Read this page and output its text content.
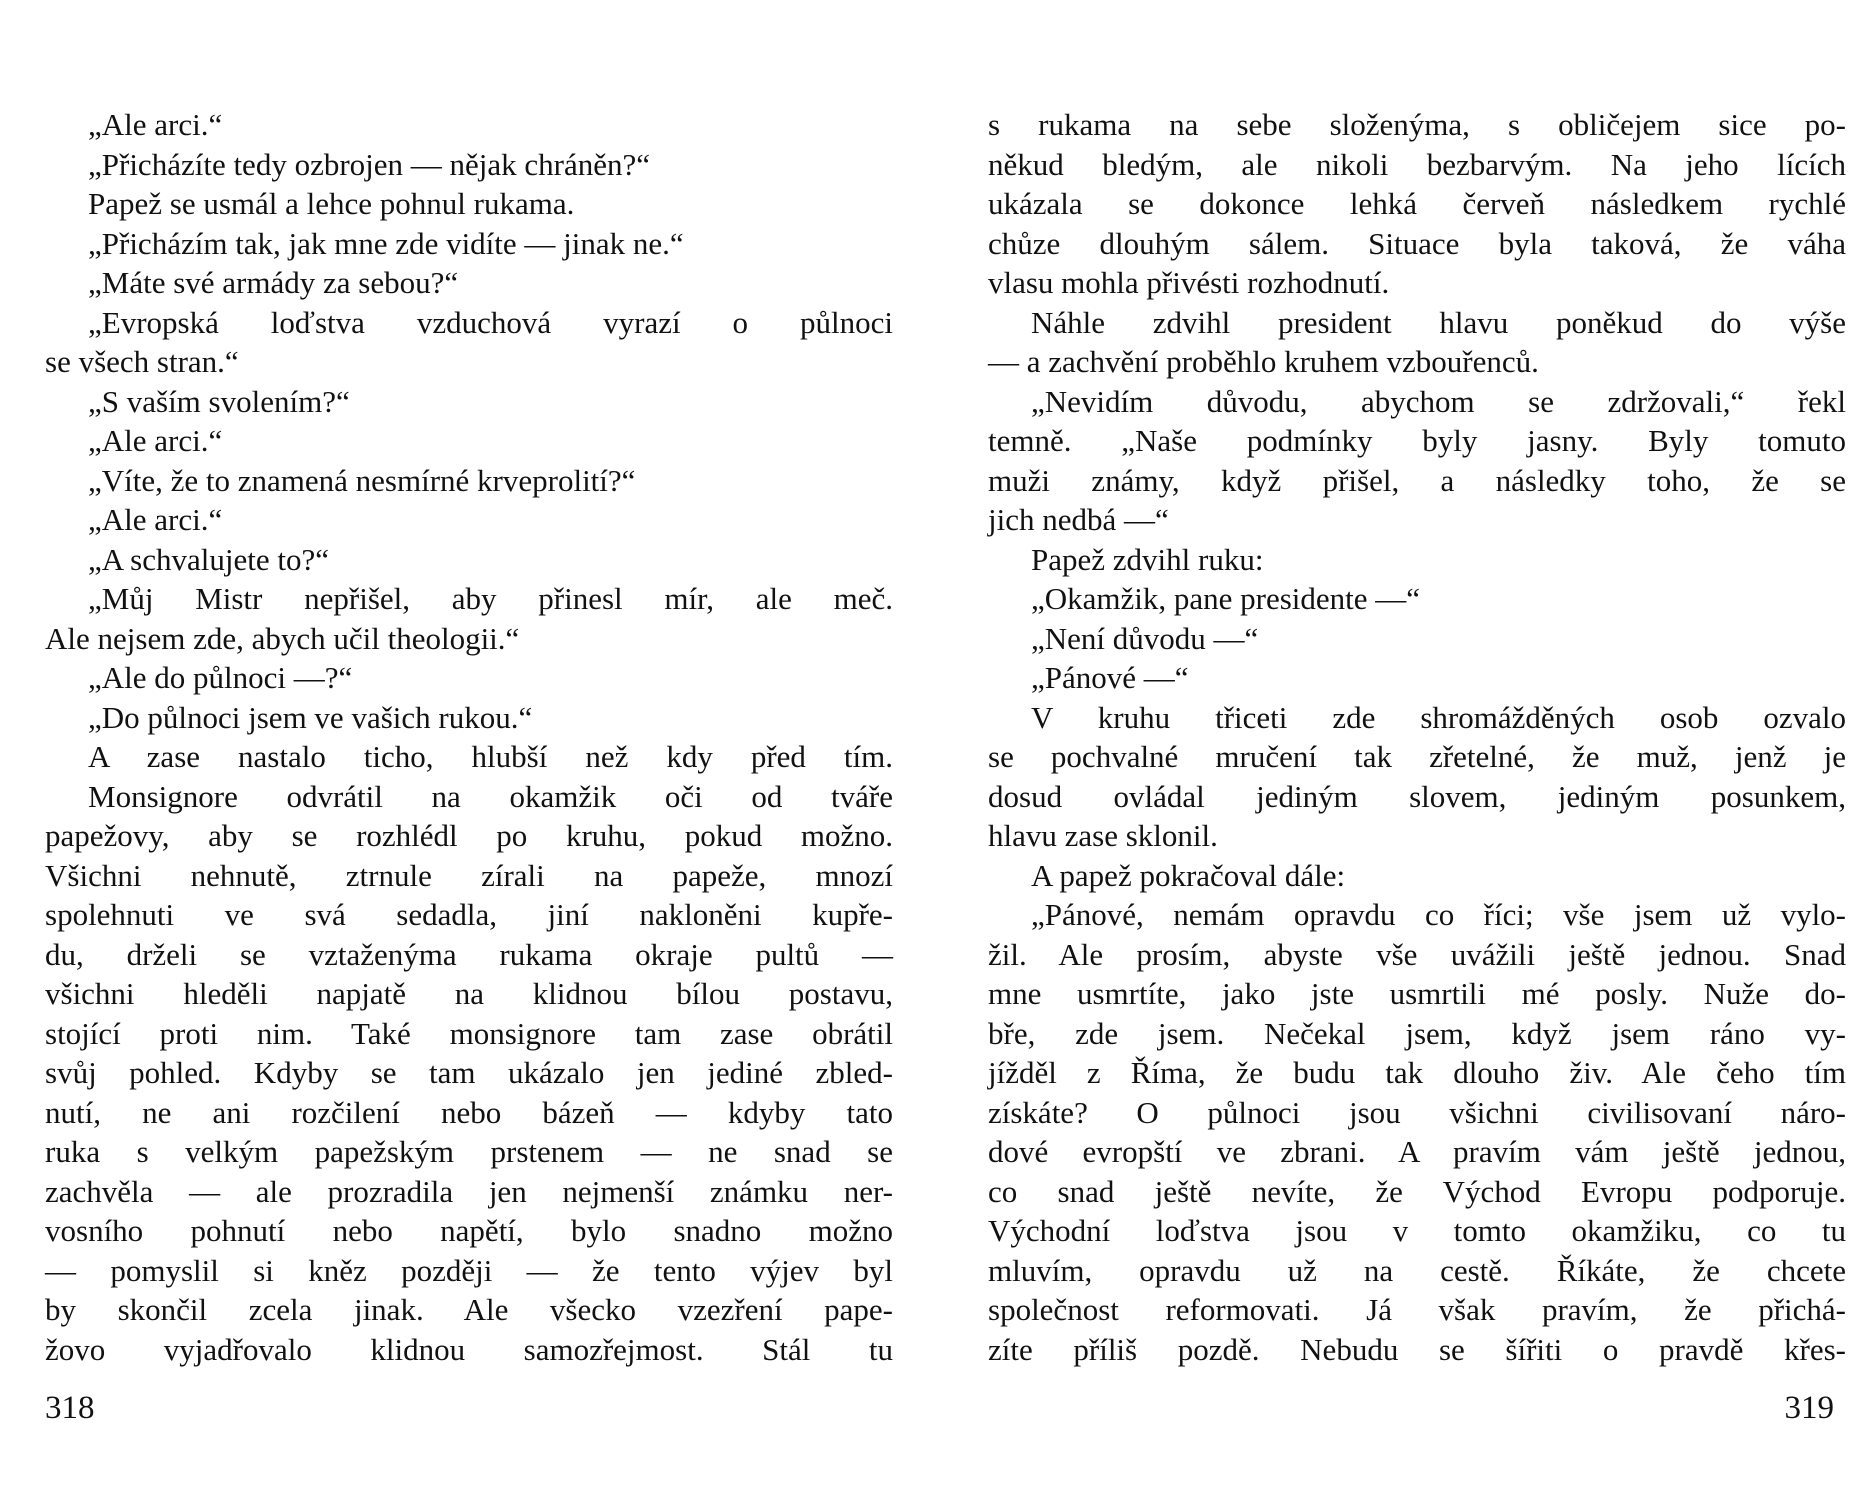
„Ale arci.“
„Přicházíte tedy ozbrojen — nějak chráněn?“
Papež se usmál a lehce pohnul rukama.
„Přicházím tak, jak mne zde vidíte — jinak ne.“
„Máte své armády za sebou?“
„Evropská loďstva vzduchová vyrazí o půlnoci
se všech stran.“
„S vaším svolením?“
„Ale arci.“
„Víte, že to znamená nesmírné krveprolití?“
„Ale arci.“
„A schvalujete to?“
„Můj Mistr nepřišel, aby přinesl mír, ale meč.
Ale nejsem zde, abych učil theologii.“
„Ale do půlnoci —?“
„Do půlnoci jsem ve vašich rukou.“
A zase nastalo ticho, hlubší než kdy před tím.
Monsignore odvrátil na okamžik oči od tváře
papežovy, aby se rozhlédl po kruhu, pokud možno.
Všichni nehnutě, ztrnule zírali na papeže, mnozí
spolehnuti ve svá sedadla, jiní nakloněni kupře-
du, drželi se vztaženýma rukama okraje pultů —
všichni hleděli napjatě na klidnou bílou postavu,
stojící proti nim. Také monsignore tam zase obrátil
svůj pohled. Kdyby se tam ukázalo jen jediné zbled-
nutí, ne ani rozčilení nebo bázeň — kdyby tato
ruka s velkým papežským prstenem — ne snad se
zachvěla — ale prozradila jen nejmenší známku ner-
vosního pohnutí nebo napětí, bylo snadno možno
— pomyslil si kněz později — že tento výjev byl
by skončil zcela jinak. Ale všecko vzezření pape-
žovo vyjadřovalo klidnou samozřejmost. Stál tu
318
s rukama na sebe složenýma, s obličejem sice po-
někud bledým, ale nikoli bezbarvým. Na jeho lících
ukázala se dokonce lehká červeň následkem rychlé
chůze dlouhým sálem. Situace byla taková, že váha
vlasu mohla přivésti rozhodnutí.
Náhle zdvihl president hlavu poněkud do výše
— a zachvění proběhlo kruhem vzbouřenců.
„Nevidím důvodu, abychom se zdržovali,“ řekl
temně. „Naše podmínky byly jasny. Byly tomuto
muži známy, když přišel, a následky toho, že se
jich nedbá —“
Papež zdvihl ruku:
„Okamžik, pane presidente —“
„Není důvodu —“
„Pánové —“
V kruhu třiceti zde shromážděných osob ozvalo
se pochvalné mručení tak zřetelné, že muž, jenž je
dosud ovládal jediným slovem, jediným posunkem,
hlavu zase sklonil.
A papež pokračoval dále:
„Pánové, nemám opravdu co říci; vše jsem už vylo-
žil. Ale prosím, abyste vše uvážili ještě jednou. Snad
mne usmrtíte, jako jste usmrtili mé posly. Nuže do-
bře, zde jsem. Nečekal jsem, když jsem ráno vy-
jížděl z Říma, že budu tak dlouho živ. Ale čeho tím
získáte? O půlnoci jsou všichni civilisovaní náro-
dové evropští ve zbrani. A pravím vám ještě jednou,
co snad ještě nevíte, že Východ Evropu podporuje.
Východní loďstva jsou v tomto okamžiku, co tu
mluvím, opravdu už na cestě. Říkáte, že chcete
společnost reformovati. Já však pravím, že přichá-
zíte příliš pozdě. Nebudu se šířiti o pravdě křes-
319
